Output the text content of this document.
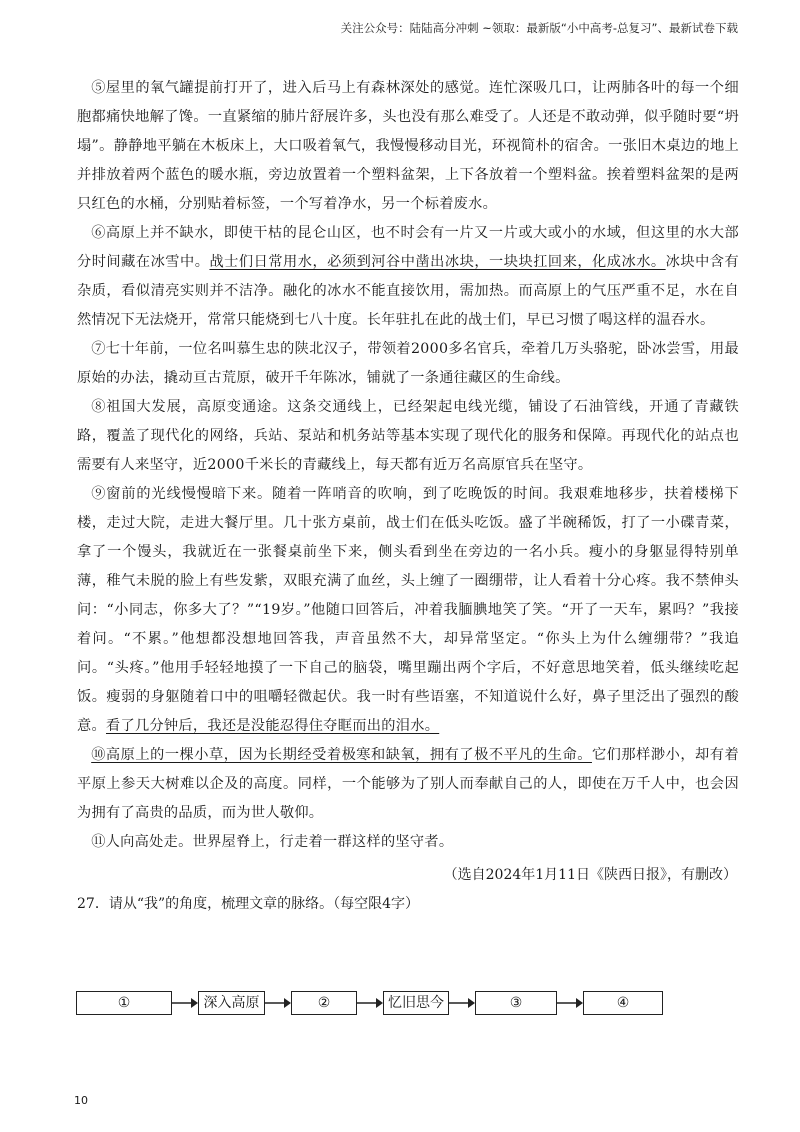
关注公众号：陆陆高分冲刺 ~领取：最新版“小中高考-总复习”、最新试卷下载

⑤屋里的氧气罐提前打开了，进入后马上有森林深处的感觉。连忙深吸几口，让两肺各叶的每一个细胞都痛快地解了馋。一直紧缩的肺片舒展许多，头也没有那么难受了。人还是不敢动弹，似乎随时要“坍塌”。静静地平躺在木板床上，大口吸着氧气，我慢慢移动目光，环视简朴的宿舍。一张旧木桌边的地上并排放着两个蓝色的暖水瓶，旁边放置着一个塑料盆架，上下各放着一个塑料盆。挨着塑料盆架的是两只红色的水桶，分别贴着标签，一个写着净水，另一个标着废水。

⑥高原上并不缺水，即使干枯的昆仑山区，也不时会有一片又一片或大或小的水域，但这里的水大部分时间藏在冰雪中。战士们日常用水，必须到河谷中凿出冰块，一块块扛回来，化成冰水。冰块中含有杂质，看似清亮实则并不洁净。融化的冰水不能直接饮用，需加热。而高原上的气压严重不足，水在自然情况下无法烧开，常常只能烧到七八十度。长年驻扎在此的战士们，早已习惯了喝这样的温吞水。

⑦七十年前，一位名叫慕生忠的陕北汉子，带领着2000多名官兵，牵着几万头骆驼，卧冰尝雪，用最原始的办法，撬动亘古荒原，破开千年陈冰，铺就了一条通往藏区的生命线。

⑧祖国大发展，高原变通途。这条交通线上，已经架起电线光缆，铺设了石油管线，开通了青藏铁路，覆盖了现代化的网络，兵站、泵站和机务站等基本实现了现代化的服务和保障。再现代化的站点也需要有人来坚守，近2000千米长的青藏线上，每天都有近万名高原官兵在坚守。

⑨窗前的光线慢慢暗下来。随着一阵哨音的吹响，到了吃晚饭的时间。我艰难地移步，扶着楼梯下楼，走过大院，走进大餐厅里。几十张方桌前，战士们在低头吃饭。盛了半碗稀饭，打了一小碟青菜，拿了一个馒头，我就近在一张餐桌前坐下来，侧头看到坐在旁边的一名小兵。瘦小的身躯显得特别单薄，稚气未脱的脸上有些发紫，双眼充满了血丝，头上缠了一圈绷带，让人看着十分心疼。我不禁伸头问：“小同志，你多大了？”“19岁。”他随口回答后，冲着我腼腆地笑了笑。“开了一天车，累吗？”我接着问。“不累。”他想都没想地回答我，声音虽然不大，却异常坚定。“你头上为什么缠绷带？”我追问。“头疼。”他用手轻轻地摸了一下自己的脑袋，嘴里蹦出两个字后，不好意思地笑着，低头继续吃起饭。瘦弱的身躯随着口中的咀嚼轻微起伏。我一时有些语塞，不知道说什么好，鼻子里泛出了强烈的酸意。看了几分钟后，我还是没能忍得住夺眶而出的泪水。

⑩高原上的一棵小草，因为长期经受着极寒和缺氧，拥有了极不平凡的生命。它们那样渺小，却有着平原上参天大树难以企及的高度。同样，一个能够为了别人而奉献自己的人，即使在万千人中，也会因为拥有了高贵的品质，而为世人敬仰。

⑪人向高处走。世界屋脊上，行走着一群这样的坚守者。

（选自2024年1月11日《陕西日报》，有删改）

27．请从“我”的角度，梳理文章的脉络。（每空限4字）

①	深入高原	②	忆旧思今	③	④
10
